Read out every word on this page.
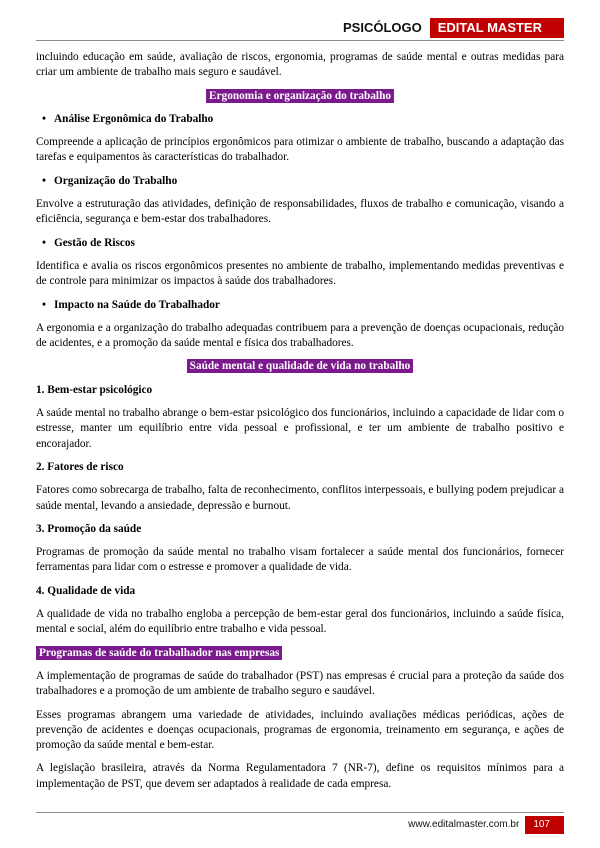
PSICÓLOGO	EDITAL MASTER

incluindo educação em saúde, avaliação de riscos, ergonomia, programas de saúde mental e outras medidas para criar um ambiente de trabalho mais seguro e saudável.

Ergonomia e organização do trabalho
• Análise Ergonômica do Trabalho

Compreende a aplicação de princípios ergonômicos para otimizar o ambiente de trabalho, buscando a adaptação das tarefas e equipamentos às características do trabalhador.

• Organização do Trabalho

Envolve a estruturação das atividades, definição de responsabilidades, fluxos de trabalho e comunicação, visando a eficiência, segurança e bem-estar dos trabalhadores.

• Gestão de Riscos

Identifica e avalia os riscos ergonômicos presentes no ambiente de trabalho, implementando medidas preventivas e de controle para minimizar os impactos à saúde dos trabalhadores.

• Impacto na Saúde do Trabalhador

A ergonomia e a organização do trabalho adequadas contribuem para a prevenção de doenças ocupacionais, redução de acidentes, e a promoção da saúde mental e física dos trabalhadores.

Saúde mental e qualidade de vida no trabalho
1. Bem-estar psicológico

A saúde mental no trabalho abrange o bem-estar psicológico dos funcionários, incluindo a capacidade de lidar com o estresse, manter um equilíbrio entre vida pessoal e profissional, e ter um ambiente de trabalho positivo e encorajador.

2. Fatores de risco

Fatores como sobrecarga de trabalho, falta de reconhecimento, conflitos interpessoais, e bullying podem prejudicar a saúde mental, levando a ansiedade, depressão e burnout.

3. Promoção da saúde

Programas de promoção da saúde mental no trabalho visam fortalecer a saúde mental dos funcionários, fornecer ferramentas para lidar com o estresse e promover a qualidade de vida.

4. Qualidade de vida

A qualidade de vida no trabalho engloba a percepção de bem-estar geral dos funcionários, incluindo a saúde física, mental e social, além do equilíbrio entre trabalho e vida pessoal.

Programas de saúde do trabalhador nas empresas

A implementação de programas de saúde do trabalhador (PST) nas empresas é crucial para a proteção da saúde dos trabalhadores e a promoção de um ambiente de trabalho seguro e saudável.

Esses programas abrangem uma variedade de atividades, incluindo avaliações médicas periódicas, ações de prevenção de acidentes e doenças ocupacionais, programas de ergonomia, treinamento em segurança, e ações de promoção da saúde mental e bem-estar.

A legislação brasileira, através da Norma Regulamentadora 7 (NR-7), define os requisitos mínimos para a implementação de PST, que devem ser adaptados à realidade de cada empresa.

www.editalmaster.com.br	107
